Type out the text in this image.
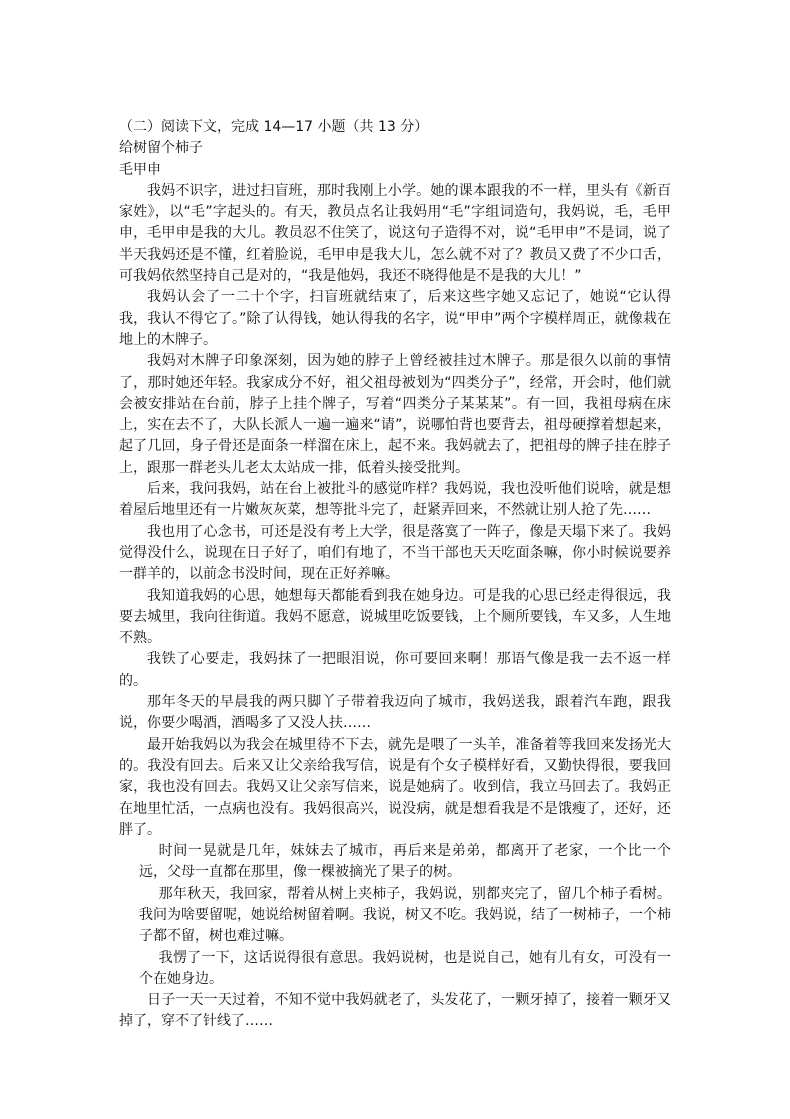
（二）阅读下文，完成 14—17 小题（共 13 分）

给树留个柿子

毛甲申

我妈不识字，进过扫盲班，那时我刚上小学。她的课本跟我的不一样，里头有《新百家姓》，以“毛”字起头的。有天，教员点名让我妈用“毛”字组词造句，我妈说，毛，毛甲申，毛甲申是我的大儿。教员忍不住笑了，说这句子造得不对，说“毛甲申”不是词，说了半天我妈还是不懂，红着脸说，毛甲申是我大儿，怎么就不对了？教员又费了不少口舌，可我妈依然坚持自己是对的，“我是他妈，我还不晓得他是不是我的大儿！”

我妈认会了一二十个字，扫盲班就结束了，后来这些字她又忘记了，她说“它认得我，我认不得它了。”除了认得钱，她认得我的名字，说“甲申”两个字模样周正，就像栽在地上的木牌子。

我妈对木牌子印象深刻，因为她的脖子上曾经被挂过木牌子。那是很久以前的事情了，那时她还年轻。我家成分不好，祖父祖母被划为“四类分子”，经常，开会时，他们就会被安排站在台前，脖子上挂个牌子，写着“四类分子某某某”。有一回，我祖母病在床上，实在去不了，大队长派人一遍一遍来“请”，说哪怕背也要背去，祖母硬撑着想起来，起了几回，身子骨还是面条一样溜在床上，起不来。我妈就去了，把祖母的牌子挂在脖子上，跟那一群老头儿老太太站成一排，低着头接受批判。

后来，我问我妈，站在台上被批斗的感觉咋样？我妈说，我也没听他们说啥，就是想着屋后地里还有一片嫩灰灰菜，想等批斗完了，赶紧弄回来，不然就让别人抢了先……

我也用了心念书，可还是没有考上大学，很是落寞了一阵子，像是天塌下来了。我妈觉得没什么，说现在日子好了，咱们有地了，不当干部也天天吃面条嘛，你小时候说要养一群羊的，以前念书没时间，现在正好养嘛。

我知道我妈的心思，她想每天都能看到我在她身边。可是我的心思已经走得很远，我要去城里，我向往街道。我妈不愿意，说城里吃饭要钱，上个厕所要钱，车又多，人生地不熟。

我铁了心要走，我妈抹了一把眼泪说，你可要回来啊！那语气像是我一去不返一样的。

那年冬天的早晨我的两只脚丫子带着我迈向了城市，我妈送我，跟着汽车跑，跟我说，你要少喝酒，酒喝多了又没人扶……

最开始我妈以为我会在城里待不下去，就先是喂了一头羊，准备着等我回来发扬光大的。我没有回去。后来又让父亲给我写信，说是有个女子模样好看，又勤快得很，要我回家，我也没有回去。我妈又让父亲写信来，说是她病了。收到信，我立马回去了。我妈正在地里忙活，一点病也没有。我妈很高兴，说没病，就是想看我是不是饿瘦了，还好，还胖了。

时间一晃就是几年，妹妹去了城市，再后来是弟弟，都离开了老家，一个比一个远，父母一直都在那里，像一棵被摘光了果子的树。

那年秋天，我回家，帮着从树上夹柿子，我妈说，别都夹完了，留几个柿子看树。我问为啥要留呢，她说给树留着啊。我说，树又不吃。我妈说，结了一树柿子，一个柿子都不留，树也难过嘛。

我愣了一下，这话说得很有意思。我妈说树，也是说自己，她有儿有女，可没有一个在她身边。

日子一天一天过着，不知不觉中我妈就老了，头发花了，一颗牙掉了，接着一颗牙又掉了，穿不了针线了……
